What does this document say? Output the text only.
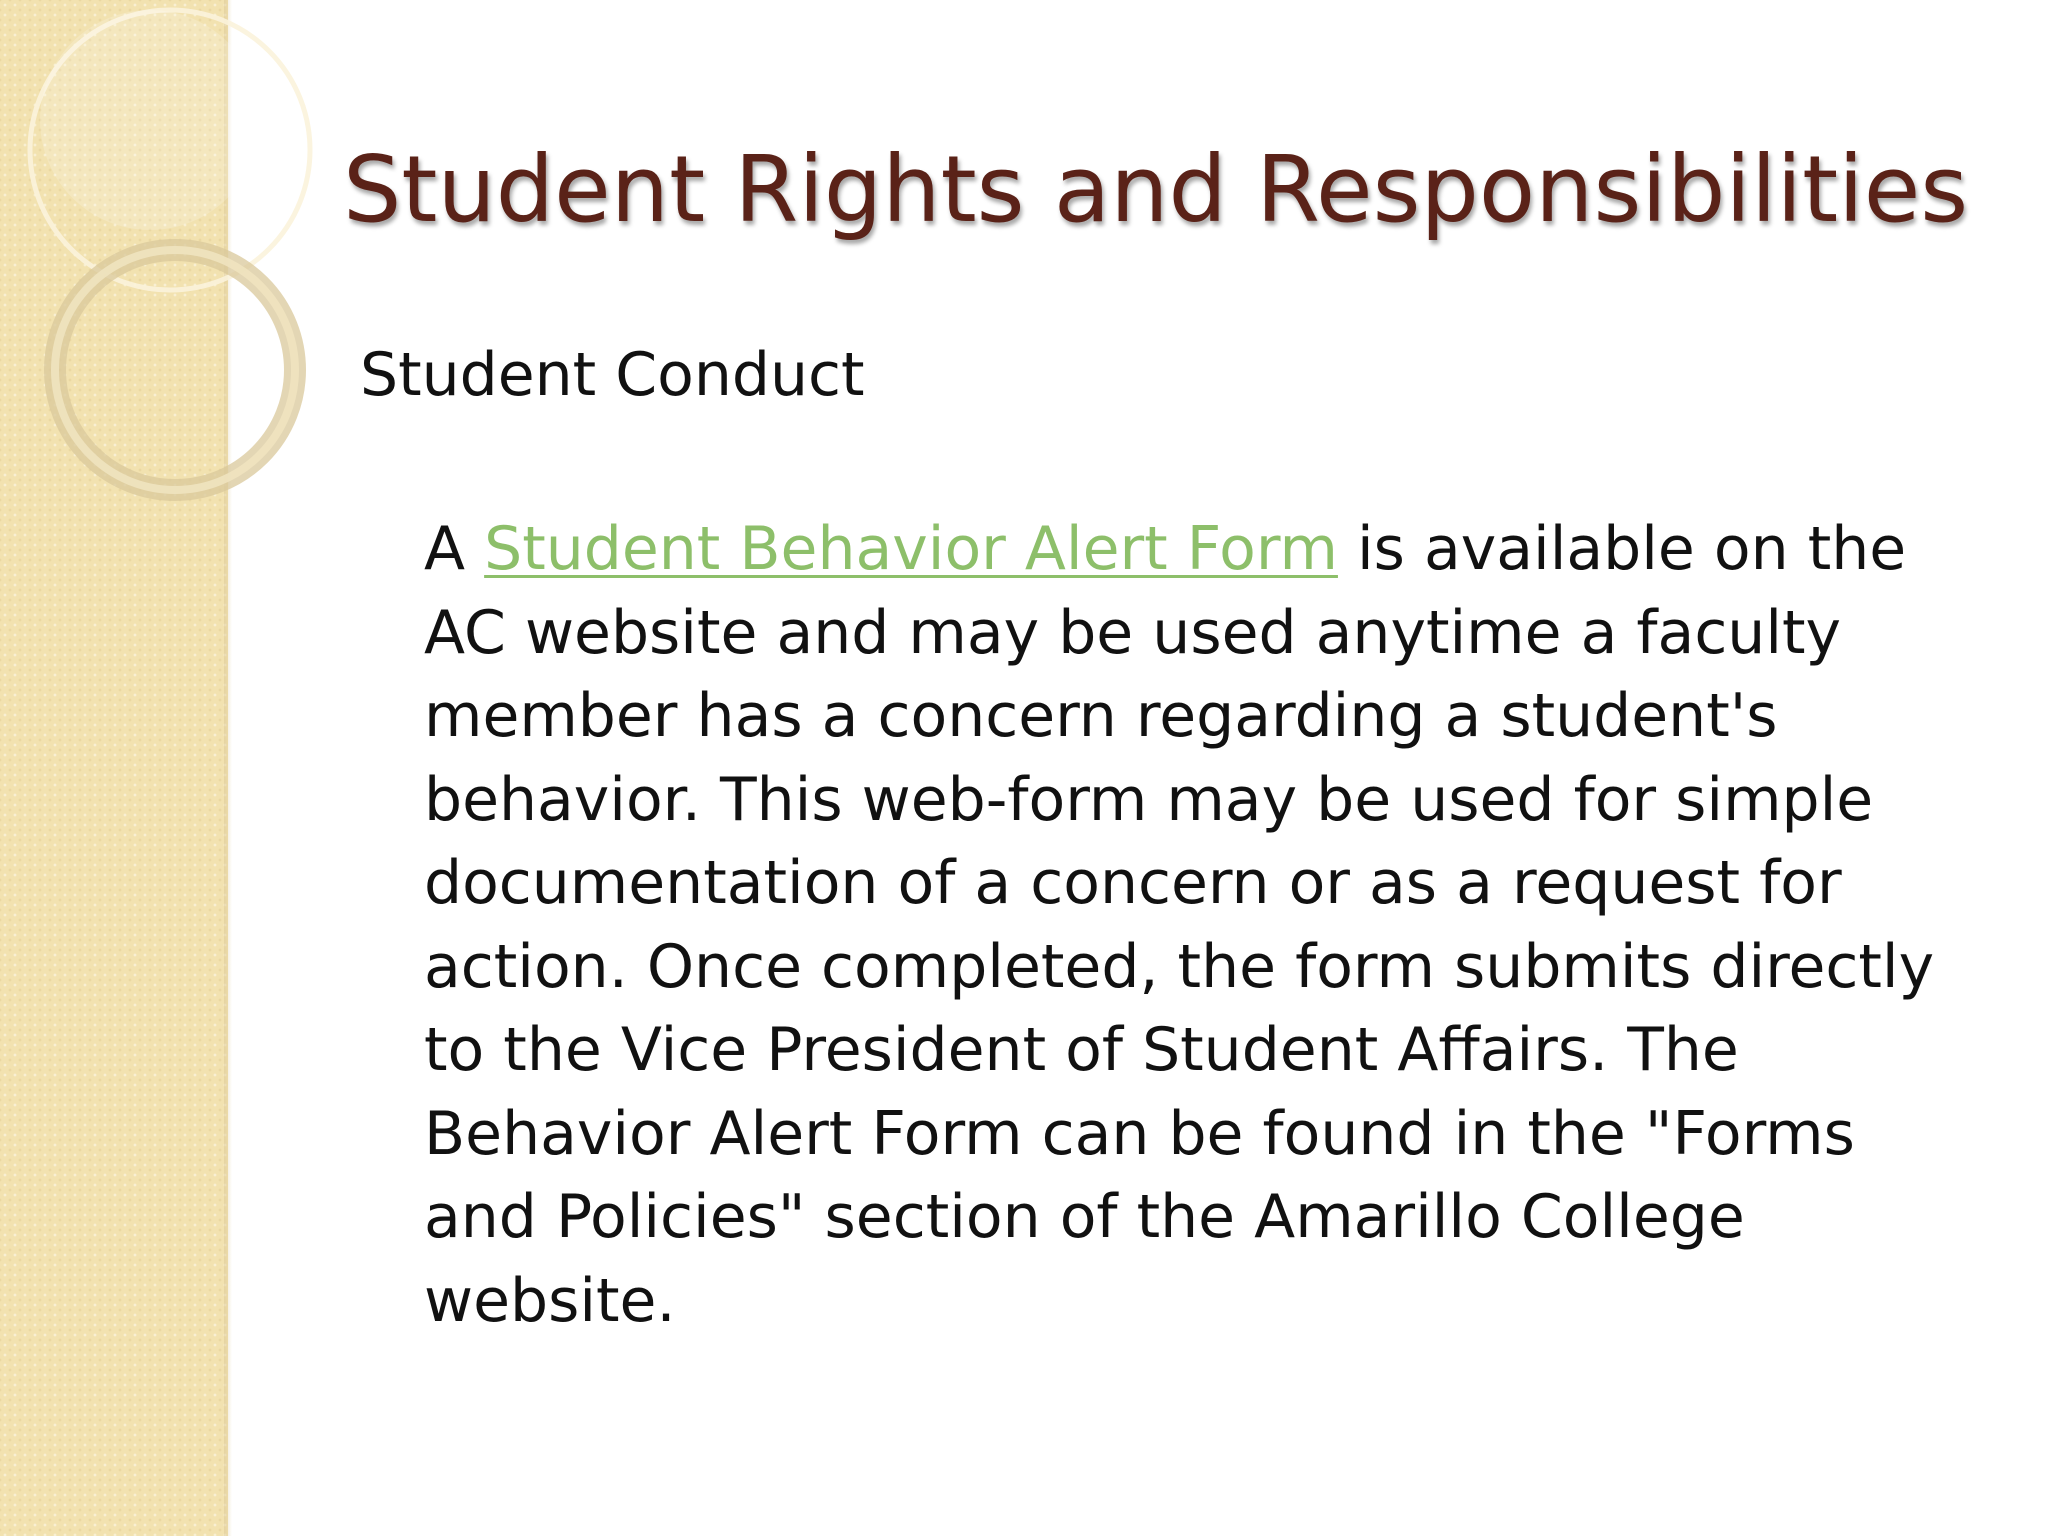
Student Rights and Responsibilities
Student Conduct

A Student Behavior Alert Form is available on the
AC website and may be used anytime a faculty
member has a concern regarding a student's
behavior. This web-form may be used for simple
documentation of a concern or as a request for
action. Once completed, the form submits directly
to the Vice President of Student Affairs. The
Behavior Alert Form can be found in the "Forms
and Policies" section of the Amarillo College
website.
